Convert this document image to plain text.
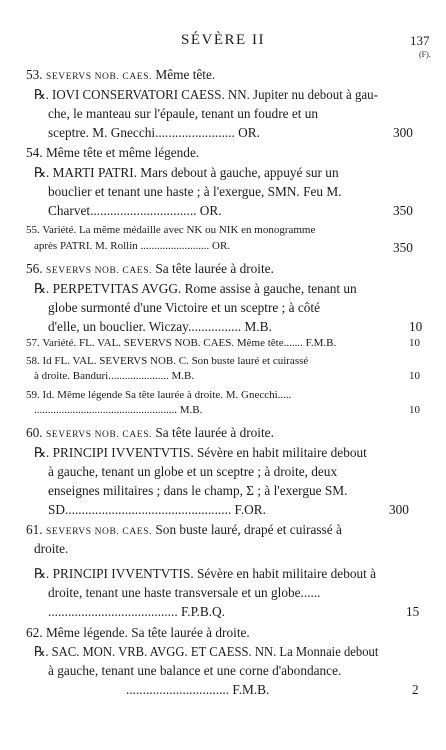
SÉVÈRE II	137
(F).
53. SEVERVS NOB. CAES. Même tête.
℞. IOVI CONSERVATORI CAESS. NN. Jupiter nu debout à gau-
che, le manteau sur l'épaule, tenant un foudre et un
sceptre. M. Gnecchi........................ OR.	300
54. Même tête et même légende.
℞. MARTI PATRI. Mars debout à gauche, appuyé sur un
bouclier et tenant une haste ; à l'exergue, SMN. Feu M.
Charvet................................ OR.	350
55. Variété. La même médaille avec NK ou NIK en monogramme
après PATRI. M. Rollin ......................... OR.	350
56. SEVERVS NOB. CAES. Sa tête laurée à droite.
℞. PERPETVITAS AVGG. Rome assise à gauche, tenant un
globe surmonté d'une Victoire et un sceptre ; à côté
d'elle, un bouclier. Wiczay................ M.B.	10
57. Variété. FL. VAL. SEVERVS NOB. CAES. Même tête....... F.M.B.	10
58. Id FL. VAL. SEVERVS NOB. C. Son buste lauré et cuirassé
à droite. Banduri...................... M.B.	10
59. Id. Même légende Sa tête laurée à droite. M. Gnecchi.....
.................................................... M.B.	10
60. SEVERVS NOB. CAES. Sa tête laurée à droite.
℞. PRINCIPI IVVENTVTIS. Sévère en habit militaire debout
à gauche, tenant un globe et un sceptre ; à droite, deux
enseignes militaires ; dans le champ, Σ ; à l'exergue SM.
SD.................................................. F.OR.	300
61. SEVERVS NOB. CAES. Son buste lauré, drapé et cuirassé à
droite.
℞. PRINCIPI IVVENTVTIS. Sévère en habit militaire debout à
droite, tenant une haste transversale et un globe......
....................................... F.P.B.Q.	15
62. Même légende. Sa tête laurée à droite.
℞. SAC. MON. VRB. AVGG. ET CAESS. NN. La Monnaie debout
à gauche, tenant une balance et une corne d'abondance.
............................... F.M.B.	2
